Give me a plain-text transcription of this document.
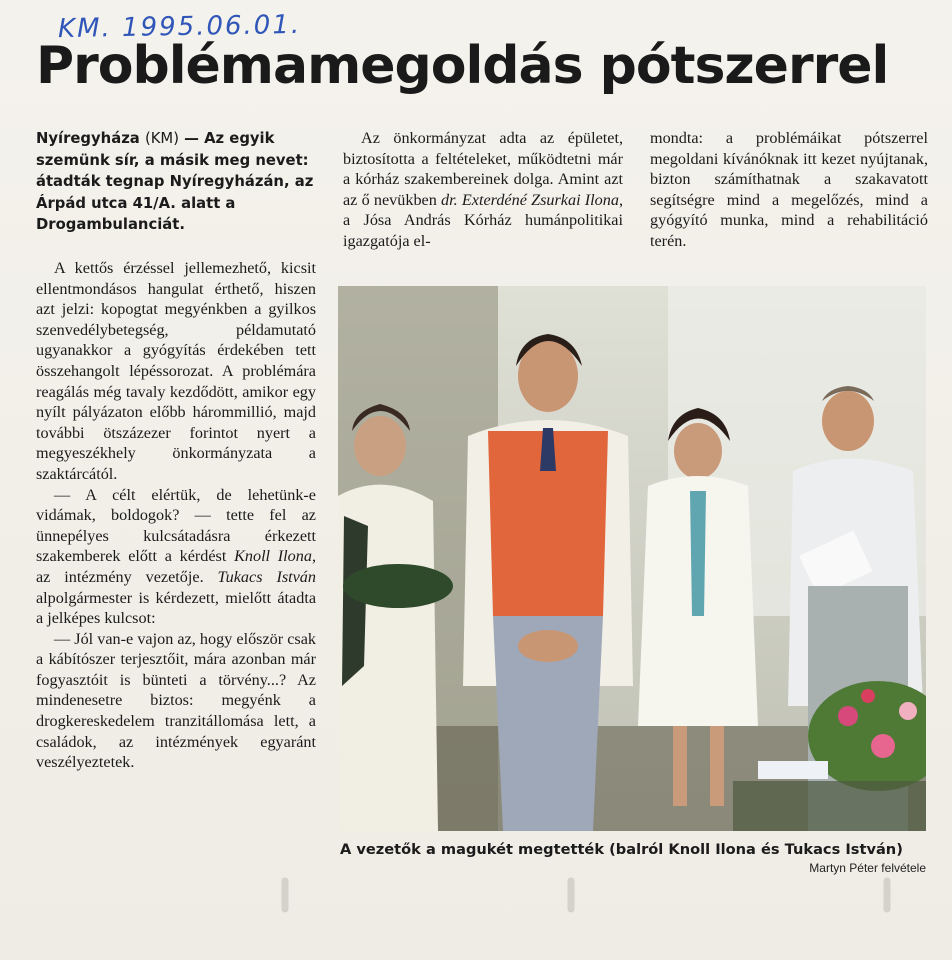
KM. 1995.06.01.
Problémamegoldás pótszerrel
Nyíregyháza (KM) — Az egyik szemünk sír, a másik meg nevet: átadták tegnap Nyíregyházán, az Árpád utca 41/A. alatt a Drogambulanciát.

A kettős érzéssel jellemezhető, kicsit ellentmondásos hangulat érthető, hiszen azt jelzi: kopogtat megyénkben a gyilkos szenvedélybetegség, példamutató ugyanakkor a gyógyítás érdekében tett összehangolt lépéssorozat. A problémára reagálás még tavaly kezdődött, amikor egy nyílt pályázaton előbb hárommillió, majd további ötszázezer forintot nyert a megyeszékhely önkormányzata a szaktárcától.

— A célt elértük, de lehetünk-e vidámak, boldogok? — tette fel az ünnepélyes kulcsátadásra érkezett szakemberek előtt a kérdést Knoll Ilona, az intézmény vezetője. Tukacs István alpolgármester is kérdezett, mielőtt átadta a jelképes kulcsot:

— Jól van-e vajon az, hogy először csak a kábítószer terjesztőit, mára azonban már fogyasztóit is bünteti a törvény...? Az mindenesetre biztos: megyénk a drogkereskedelem tranzitállomása lett, a családok, az intézmények egyaránt veszélyeztetek.

Az önkormányzat adta az épületet, biztosította a feltételeket, működtetni már a kórház szakembereinek dolga. Amint azt az ő nevükben dr. Exterdéné Zsurkai Ilona, a Jósa András Kórház humánpolitikai igazgatója el-

mondta: a problémáikat pótszerrel megoldani kívánóknak itt kezet nyújtanak, bizton számíthatnak a szakavatott segítségre mind a megelőzés, mind a gyógyító munka, mind a rehabilitáció terén.

A vezetők a magukét megtették (balról Knoll Ilona és Tukacs István)
Martyn Péter felvétele
